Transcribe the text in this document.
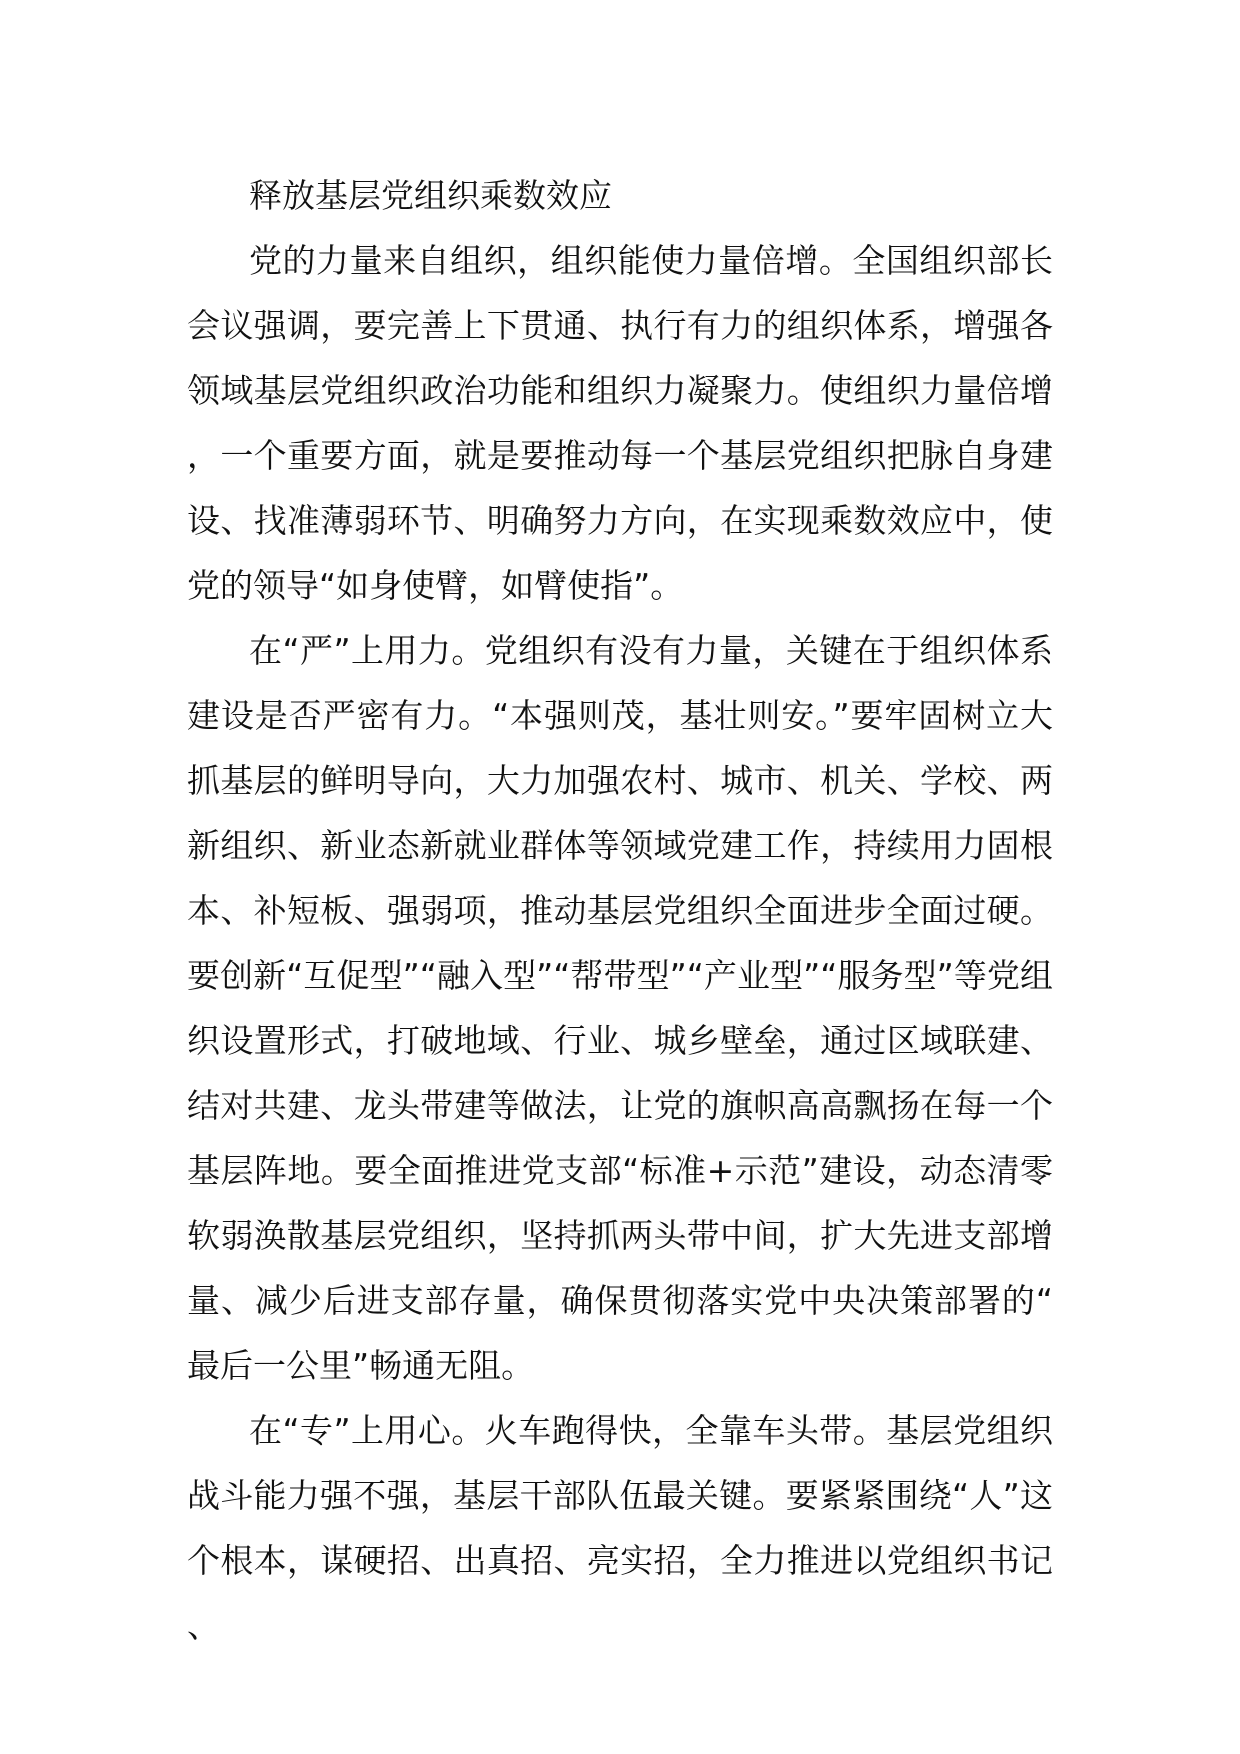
释放基层党组织乘数效应

党的力量来自组织，组织能使力量倍增。全国组织部长会议强调，要完善上下贯通、执行有力的组织体系，增强各领域基层党组织政治功能和组织力凝聚力。使组织力量倍增，一个重要方面，就是要推动每一个基层党组织把脉自身建设、找准薄弱环节、明确努力方向，在实现乘数效应中，使党的领导“如身使臂，如臂使指”。

在“严”上用力。党组织有没有力量，关键在于组织体系建设是否严密有力。“本强则茂，基壮则安。”要牢固树立大抓基层的鲜明导向，大力加强农村、城市、机关、学校、两新组织、新业态新就业群体等领域党建工作，持续用力固根本、补短板、强弱项，推动基层党组织全面进步全面过硬。要创新“互促型”“融入型”“帮带型”“产业型”“服务型”等党组织设置形式，打破地域、行业、城乡壁垒，通过区域联建、结对共建、龙头带建等做法，让党的旗帜高高飘扬在每一个基层阵地。要全面推进党支部“标准+示范”建设，动态清零软弱涣散基层党组织，坚持抓两头带中间，扩大先进支部增量、减少后进支部存量，确保贯彻落实党中央决策部署的“最后一公里”畅通无阻。

在“专”上用心。火车跑得快，全靠车头带。基层党组织战斗能力强不强，基层干部队伍最关键。要紧紧围绕“人”这个根本，谋硬招、出真招、亮实招，全力推进以党组织书记、
